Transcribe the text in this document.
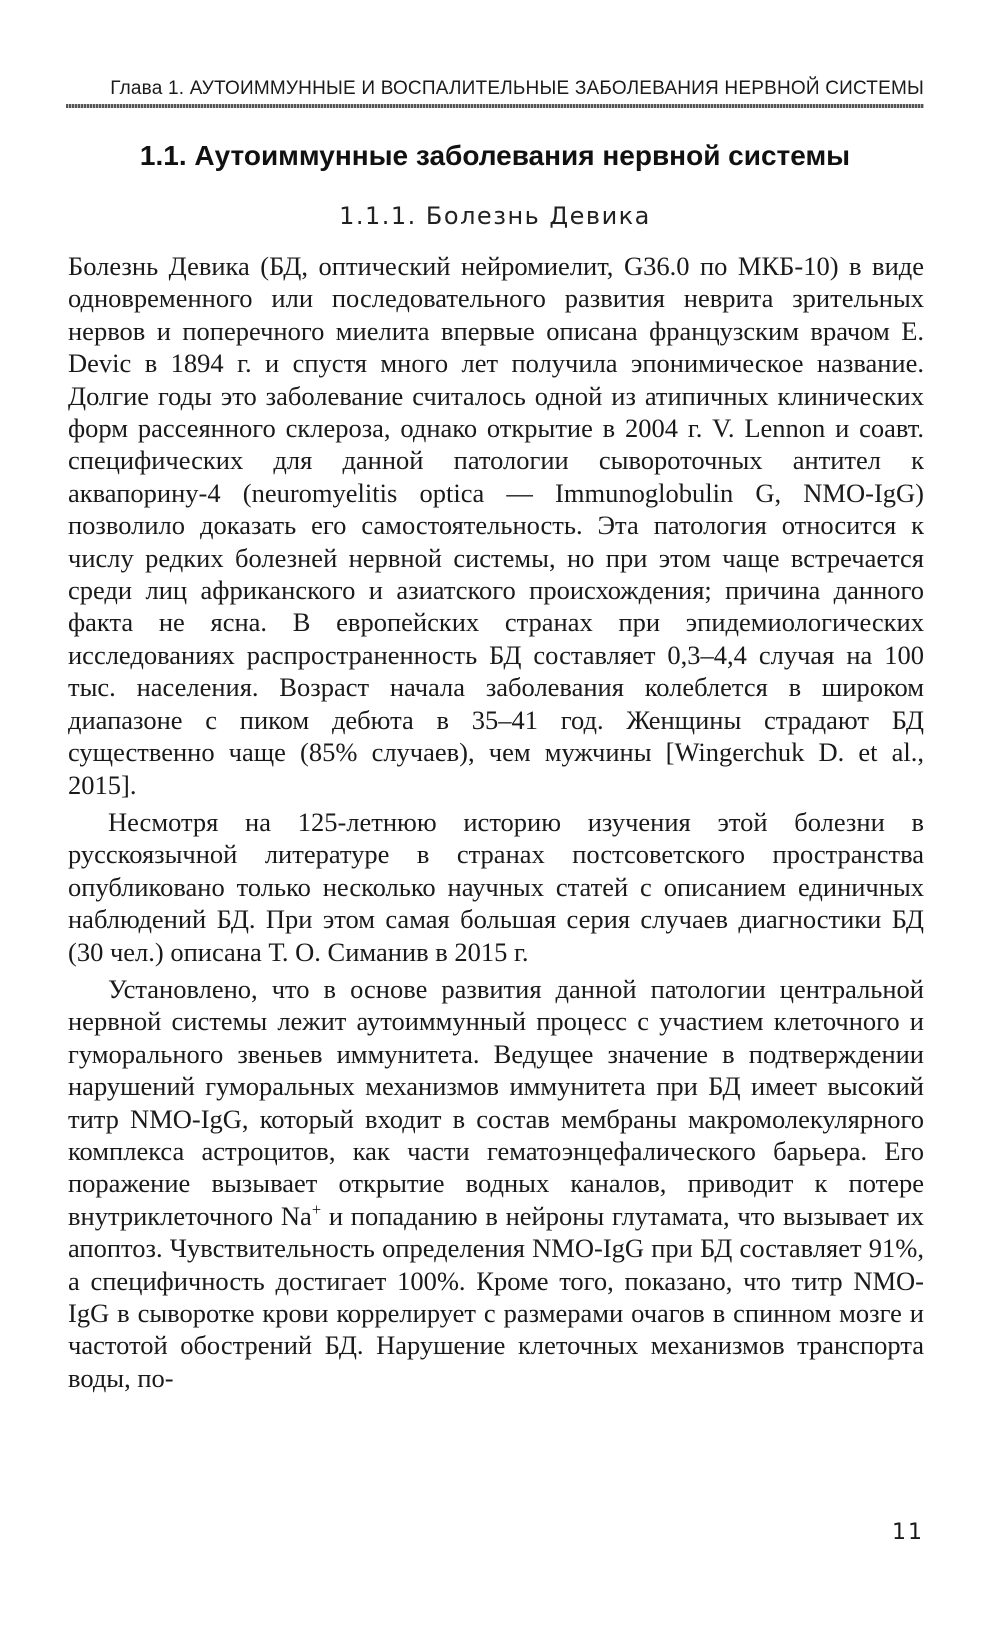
Глава 1. АУТОИММУННЫЕ И ВОСПАЛИТЕЛЬНЫЕ ЗАБОЛЕВАНИЯ НЕРВНОЙ СИСТЕМЫ
1.1. Аутоиммунные заболевания нервной системы
1.1.1. Болезнь Девика

Болезнь Девика (БД, оптический нейромиелит, G36.0 по МКБ-10) в виде одновременного или последовательного развития неврита зрительных нервов и поперечного миелита впервые описана французским врачом E. Devic в 1894 г. и спустя много лет получила эпонимическое название. Долгие годы это заболевание считалось одной из атипичных клинических форм рассеянного склероза, однако открытие в 2004 г. V. Lennon и соавт. специфических для данной патологии сывороточных антител к аквапорину-4 (neuromyelitis optica — Immunoglobulin G, NMO-IgG) позволило доказать его самостоятельность. Эта патология относится к числу редких болезней нервной системы, но при этом чаще встречается среди лиц африканского и азиатского происхождения; причина данного факта не ясна. В европейских странах при эпидемиологических исследованиях распространенность БД составляет 0,3–4,4 случая на 100 тыс. населения. Возраст начала заболевания колеблется в широком диапазоне с пиком дебюта в 35–41 год. Женщины страдают БД существенно чаще (85% случаев), чем мужчины [Wingerchuk D. et al., 2015].

Несмотря на 125-летнюю историю изучения этой болезни в русскоязычной литературе в странах постсоветского пространства опубликовано только несколько научных статей с описанием единичных наблюдений БД. При этом самая большая серия случаев диагностики БД (30 чел.) описана Т. О. Симанив в 2015 г.

Установлено, что в основе развития данной патологии центральной нервной системы лежит аутоиммунный процесс с участием клеточного и гуморального звеньев иммунитета. Ведущее значение в подтверждении нарушений гуморальных механизмов иммунитета при БД имеет высокий титр NMO-IgG, который входит в состав мембраны макромолекулярного комплекса астроцитов, как части гематоэнцефалического барьера. Его поражение вызывает открытие водных каналов, приводит к потере внутриклеточного Na+ и попаданию в нейроны глутамата, что вызывает их апоптоз. Чувствительность определения NMO-IgG при БД составляет 91%, а специфичность достигает 100%. Кроме того, показано, что титр NMO-IgG в сыворотке крови коррелирует с размерами очагов в спинном мозге и частотой обострений БД. Нарушение клеточных механизмов транспорта воды, по-

11
